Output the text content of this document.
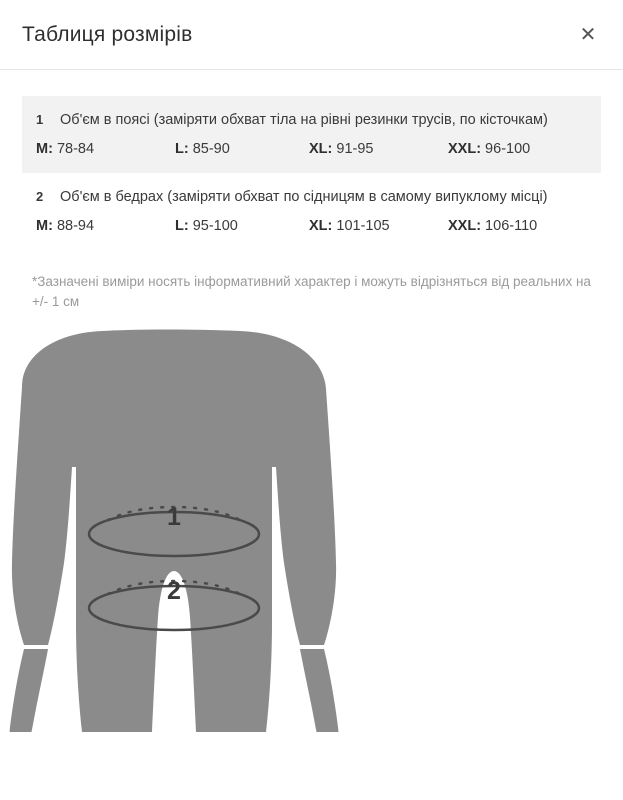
Таблиця розмірів	✕
1	Об'єм в поясі (заміряти обхват тіла на рівні резинки трусів, по кісточкам)
M: 78-84	L: 85-90	XL: 91-95	XXL: 96-100
2	Об'єм в бедрах (заміряти обхват по сідницям в самому випуклому місці)
M: 88-94	L: 95-100	XL: 101-105	XXL: 106-110
*Зазначені виміри носять інформативний характер і можуть відрізняться від реальних на +/- 1 см
1
2
